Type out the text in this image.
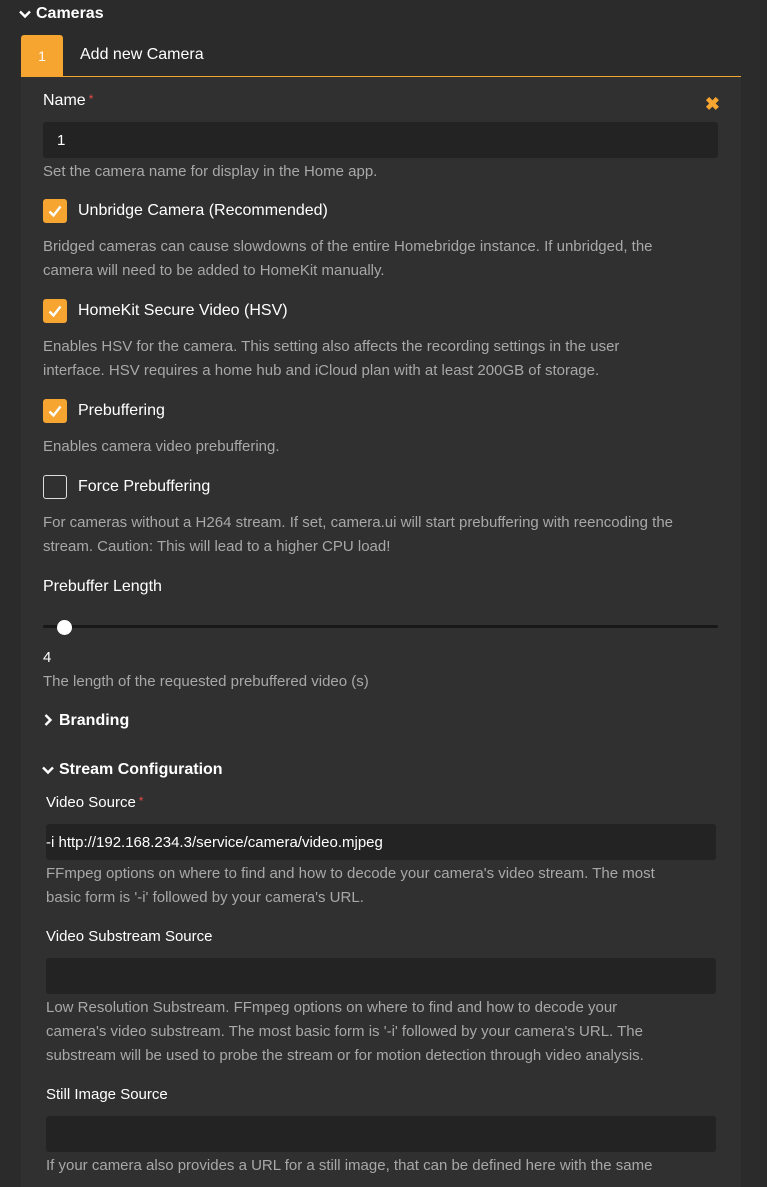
Cameras
1	Add new Camera
✖
Name *
1
Set the camera name for display in the Home app.
Unbridge Camera (Recommended)
Bridged cameras can cause slowdowns of the entire Homebridge instance. If unbridged, the
camera will need to be added to HomeKit manually.
HomeKit Secure Video (HSV)
Enables HSV for the camera. This setting also affects the recording settings in the user
interface. HSV requires a home hub and iCloud plan with at least 200GB of storage.
Prebuffering
Enables camera video prebuffering.
Force Prebuffering
For cameras without a H264 stream. If set, camera.ui will start prebuffering with reencoding the
stream. Caution: This will lead to a higher CPU load!
Prebuffer Length
4
The length of the requested prebuffered video (s)
Branding
Stream Configuration
Video Source *
-i http://192.168.234.3/service/camera/video.mjpeg
FFmpeg options on where to find and how to decode your camera's video stream. The most
basic form is '-i' followed by your camera's URL.
Video Substream Source
Low Resolution Substream. FFmpeg options on where to find and how to decode your
camera's video substream. The most basic form is '-i' followed by your camera's URL. The
substream will be used to probe the stream or for motion detection through video analysis.
Still Image Source
If your camera also provides a URL for a still image, that can be defined here with the same
